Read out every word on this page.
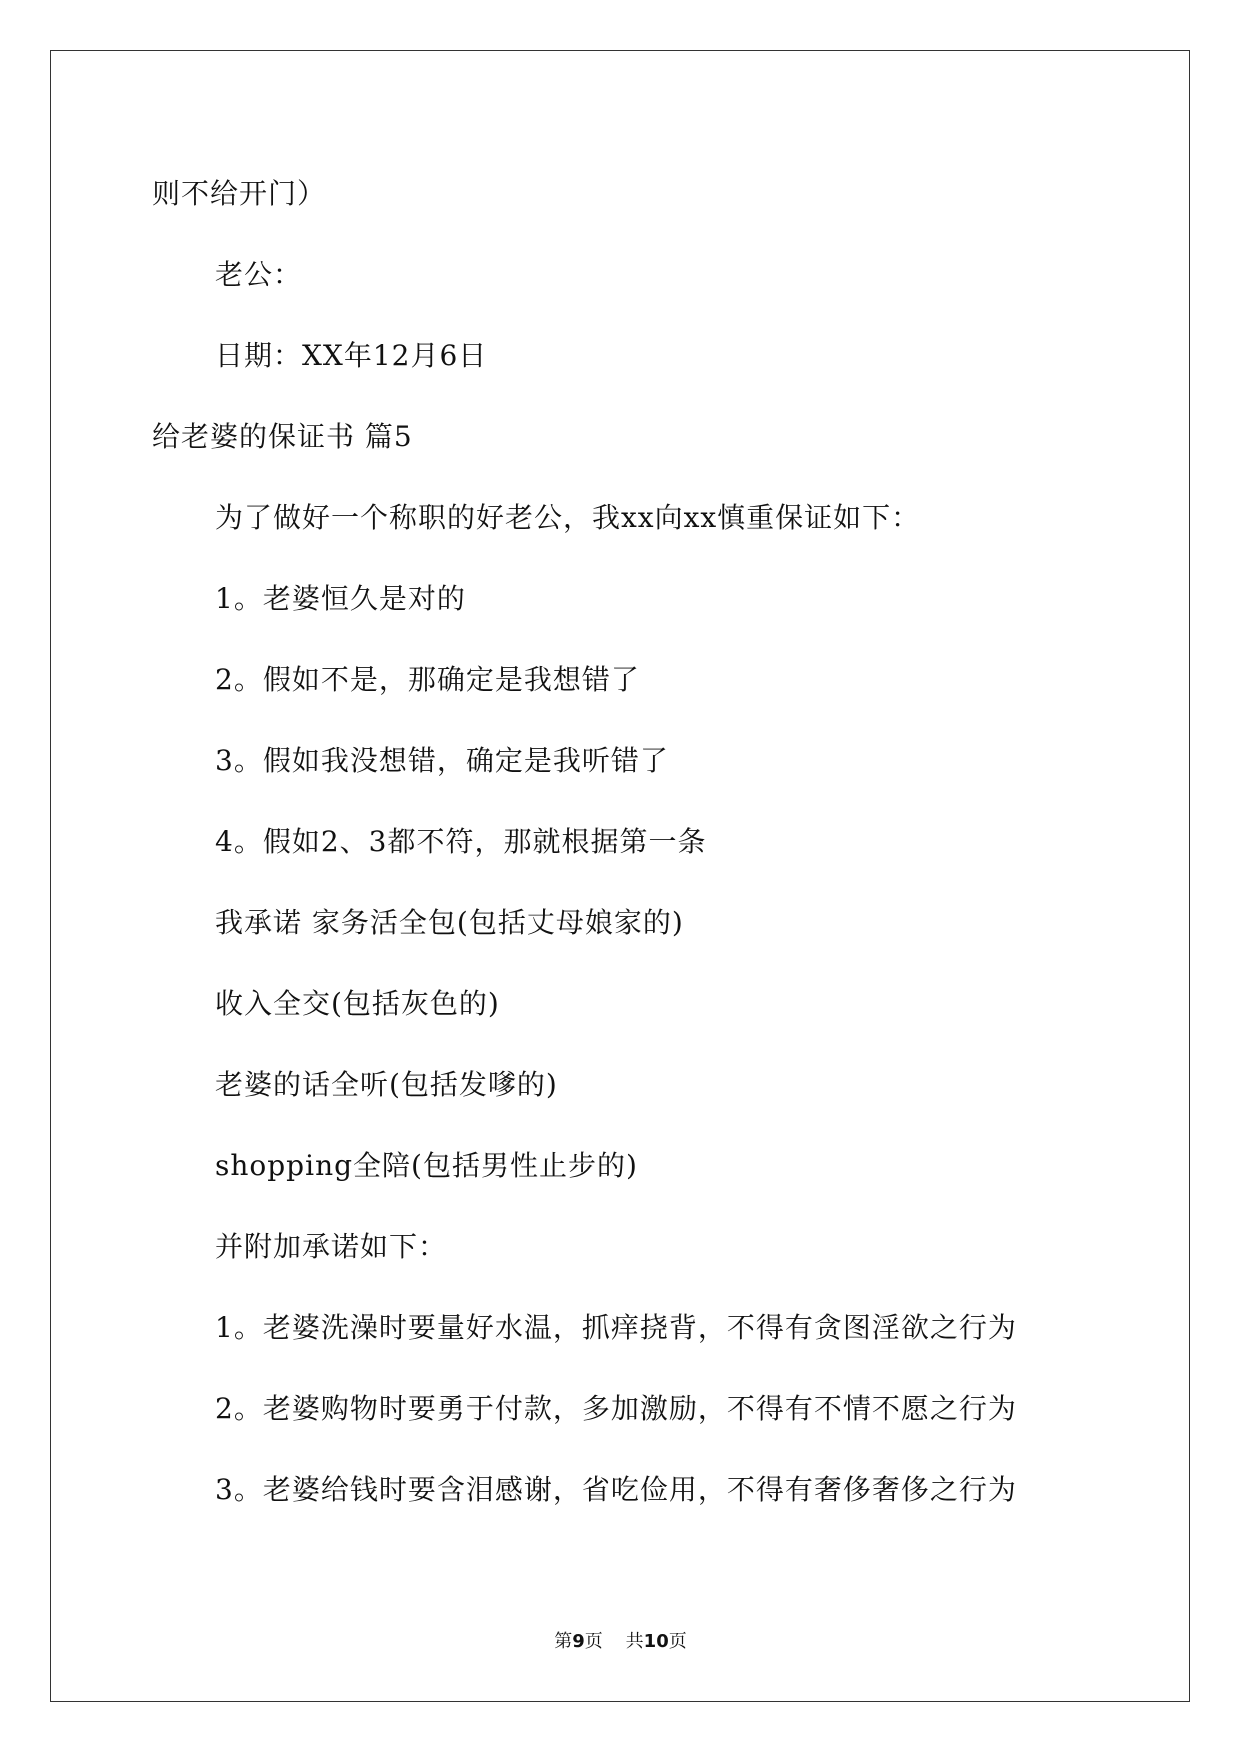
则不给开门）
老公：
日期：XX年12月6日
给老婆的保证书 篇5
为了做好一个称职的好老公，我xx向xx慎重保证如下：
1。老婆恒久是对的
2。假如不是，那确定是我想错了
3。假如我没想错，确定是我听错了
4。假如2、3都不符，那就根据第一条
我承诺 家务活全包(包括丈母娘家的)
收入全交(包括灰色的)
老婆的话全听(包括发嗲的)
shopping全陪(包括男性止步的)
并附加承诺如下：
1。老婆洗澡时要量好水温，抓痒挠背，不得有贪图淫欲之行为
2。老婆购物时要勇于付款，多加激励，不得有不情不愿之行为
3。老婆给钱时要含泪感谢，省吃俭用，不得有奢侈奢侈之行为
第9页 共10页
